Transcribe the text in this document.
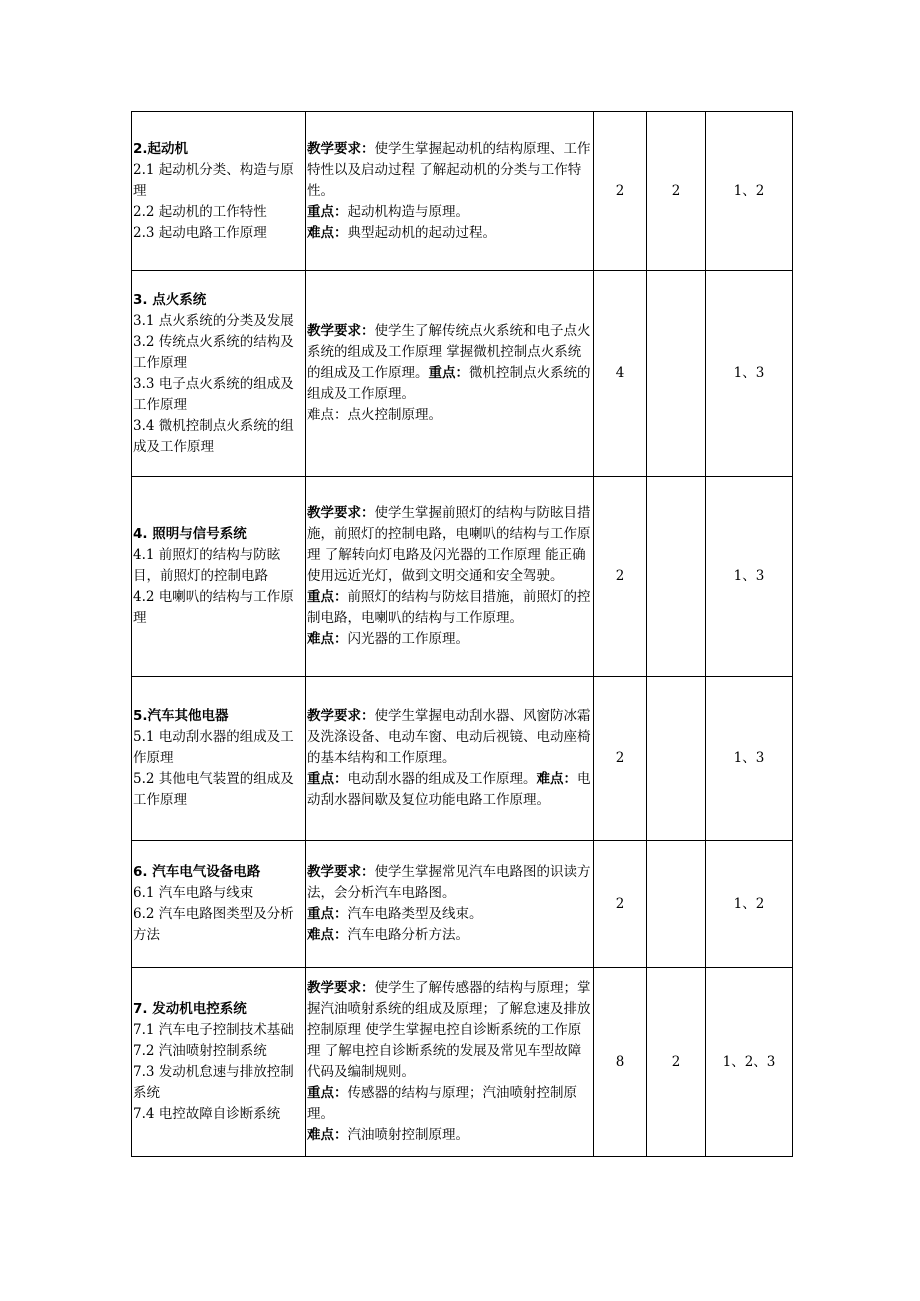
2.起动机
2.1 起动机分类、构造与原理
2.2 起动机的工作特性
2.3 起动电路工作原理	教学要求：使学生掌握起动机的结构原理、工作特性以及启动过程 了解起动机的分类与工作特性。
重点：起动机构造与原理。
难点：典型起动机的起动过程。	2	2	1、2

3. 点火系统
3.1 点火系统的分类及发展
3.2 传统点火系统的结构及工作原理
3.3 电子点火系统的组成及工作原理
3.4 微机控制点火系统的组成及工作原理	教学要求：使学生了解传统点火系统和电子点火系统的组成及工作原理 掌握微机控制点火系统的组成及工作原理。重点：微机控制点火系统的组成及工作原理。
难点：点火控制原理。	4		1、3

4. 照明与信号系统
4.1 前照灯的结构与防眩目，前照灯的控制电路
4.2 电喇叭的结构与工作原理	教学要求：使学生掌握前照灯的结构与防眩目措施，前照灯的控制电路，电喇叭的结构与工作原理 了解转向灯电路及闪光器的工作原理 能正确使用远近光灯，做到文明交通和安全驾驶。
重点：前照灯的结构与防炫目措施，前照灯的控制电路，电喇叭的结构与工作原理。
难点：闪光器的工作原理。	2		1、3

5.汽车其他电器
5.1 电动刮水器的组成及工作原理
5.2 其他电气装置的组成及工作原理	教学要求：使学生掌握电动刮水器、风窗防冰霜及洗涤设备、电动车窗、电动后视镜、电动座椅的基本结构和工作原理。
重点：电动刮水器的组成及工作原理。难点：电动刮水器间歇及复位功能电路工作原理。	2		1、3

6. 汽车电气设备电路
6.1 汽车电路与线束
6.2 汽车电路图类型及分析方法	教学要求：使学生掌握常见汽车电路图的识读方法，会分析汽车电路图。
重点：汽车电路类型及线束。
难点：汽车电路分析方法。	2		1、2

7. 发动机电控系统
7.1 汽车电子控制技术基础
7.2 汽油喷射控制系统
7.3 发动机怠速与排放控制系统
7.4 电控故障自诊断系统	教学要求：使学生了解传感器的结构与原理；掌握汽油喷射系统的组成及原理；了解怠速及排放控制原理 使学生掌握电控自诊断系统的工作原理 了解电控自诊断系统的发展及常见车型故障代码及编制规则。
重点：传感器的结构与原理；汽油喷射控制原理。
难点：汽油喷射控制原理。	8	2	1、2、3
